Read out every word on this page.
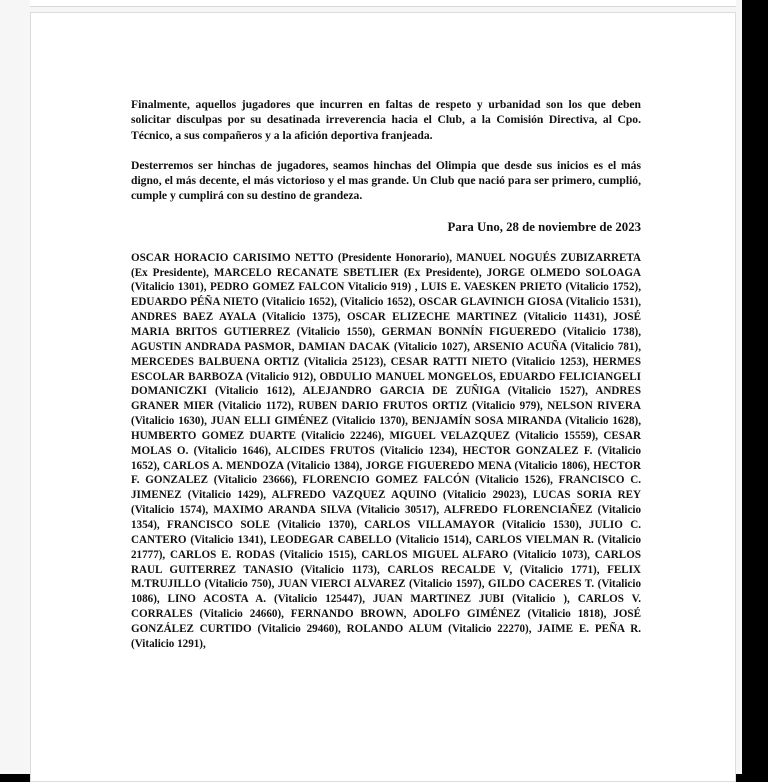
Finalmente, aquellos jugadores que incurren en faltas de respeto y urbanidad son los que deben solicitar disculpas por su desatinada irreverencia hacia el Club, a la Comisión Directiva, al Cpo. Técnico, a sus compañeros y a la afición deportiva franjeada.

Desterremos ser hinchas de jugadores, seamos hinchas del Olimpia que desde sus inicios es el más digno, el más decente, el más victorioso y el mas grande. Un Club que nació para ser primero, cumplió, cumple y cumplirá con su destino de grandeza.

Para Uno, 28 de noviembre de 2023

OSCAR HORACIO CARISIMO NETTO (Presidente Honorario), MANUEL NOGUÉS ZUBIZARRETA (Ex Presidente), MARCELO RECANATE SBETLIER (Ex Presidente), JORGE OLMEDO SOLOAGA (Vitalicio 1301), PEDRO GOMEZ FALCON Vitalicio 919) , LUIS E. VAESKEN PRIETO (Vitalicio 1752), EDUARDO PÉÑA NIETO (Vitalicio 1652), (Vitalicio 1652), OSCAR GLAVINICH GIOSA (Vitalicio 1531), ANDRES BAEZ AYALA (Vitalicio 1375), OSCAR ELIZECHE MARTINEZ (Vitalicio 11431), JOSÉ MARIA BRITOS GUTIERREZ (Vitalicio 1550), GERMAN BONNÍN FIGUEREDO (Vitalicio 1738), AGUSTIN ANDRADA PASMOR, DAMIAN DACAK (Vitalicio 1027), ARSENIO ACUÑA (Vitalicio 781), MERCEDES BALBUENA ORTIZ (Vitalicia 25123), CESAR RATTI NIETO (Vitalicio 1253), HERMES ESCOLAR BARBOZA (Vitalicio 912), OBDULIO MANUEL MONGELOS, EDUARDO FELICIANGELI DOMANICZKI (Vitalicio 1612), ALEJANDRO GARCIA DE ZUÑIGA (Vitalicio 1527), ANDRES GRANER MIER (Vitalicio 1172), RUBEN DARIO FRUTOS ORTIZ (Vitalicio 979), NELSON RIVERA (Vitalicio 1630), JUAN ELLI GIMÉNEZ (Vitalicio 1370), BENJAMÍN SOSA MIRANDA (Vitalicio 1628), HUMBERTO GOMEZ DUARTE (Vitalicio 22246), MIGUEL VELAZQUEZ (Vitalicio 15559), CESAR MOLAS O. (Vitalicio 1646), ALCIDES FRUTOS (Vitalicio 1234), HECTOR GONZALEZ F. (Vitalicio 1652), CARLOS A. MENDOZA (Vitalicio 1384), JORGE FIGUEREDO MENA (Vitalicio 1806), HECTOR F. GONZALEZ (Vitalicio 23666), FLORENCIO GOMEZ FALCÓN (Vitalicio 1526), FRANCISCO C. JIMENEZ (Vitalicio 1429), ALFREDO VAZQUEZ AQUINO (Vitalicio 29023), LUCAS SORIA REY (Vitalicio 1574), MAXIMO ARANDA SILVA (Vitalicio 30517), ALFREDO FLORENCIAÑEZ (Vitalicio 1354), FRANCISCO SOLE (Vitalicio 1370), CARLOS VILLAMAYOR (Vitalicio 1530), JULIO C. CANTERO (Vitalicio 1341), LEODEGAR CABELLO (Vitalicio 1514), CARLOS VIELMAN R. (Vitalicio 21777), CARLOS E. RODAS (Vitalicio 1515), CARLOS MIGUEL ALFARO (Vitalicio 1073), CARLOS RAUL GUITERREZ TANASIO (Vitalicio 1173), CARLOS RECALDE V, (Vitalicio 1771), FELIX M.TRUJILLO (Vitalicio 750), JUAN VIERCI ALVAREZ (Vitalicio 1597), GILDO CACERES T. (Vitalicio 1086), LINO ACOSTA A. (Vitalicio 125447), JUAN MARTINEZ JUBI (Vitalicio ), CARLOS V. CORRALES (Vitalicio 24660), FERNANDO BROWN, ADOLFO GIMÉNEZ (Vitalicio 1818), JOSÉ GONZÁLEZ CURTIDO (Vitalicio 29460), ROLANDO ALUM (Vitalicio 22270), JAIME E. PEÑA R. (Vitalicio 1291),
